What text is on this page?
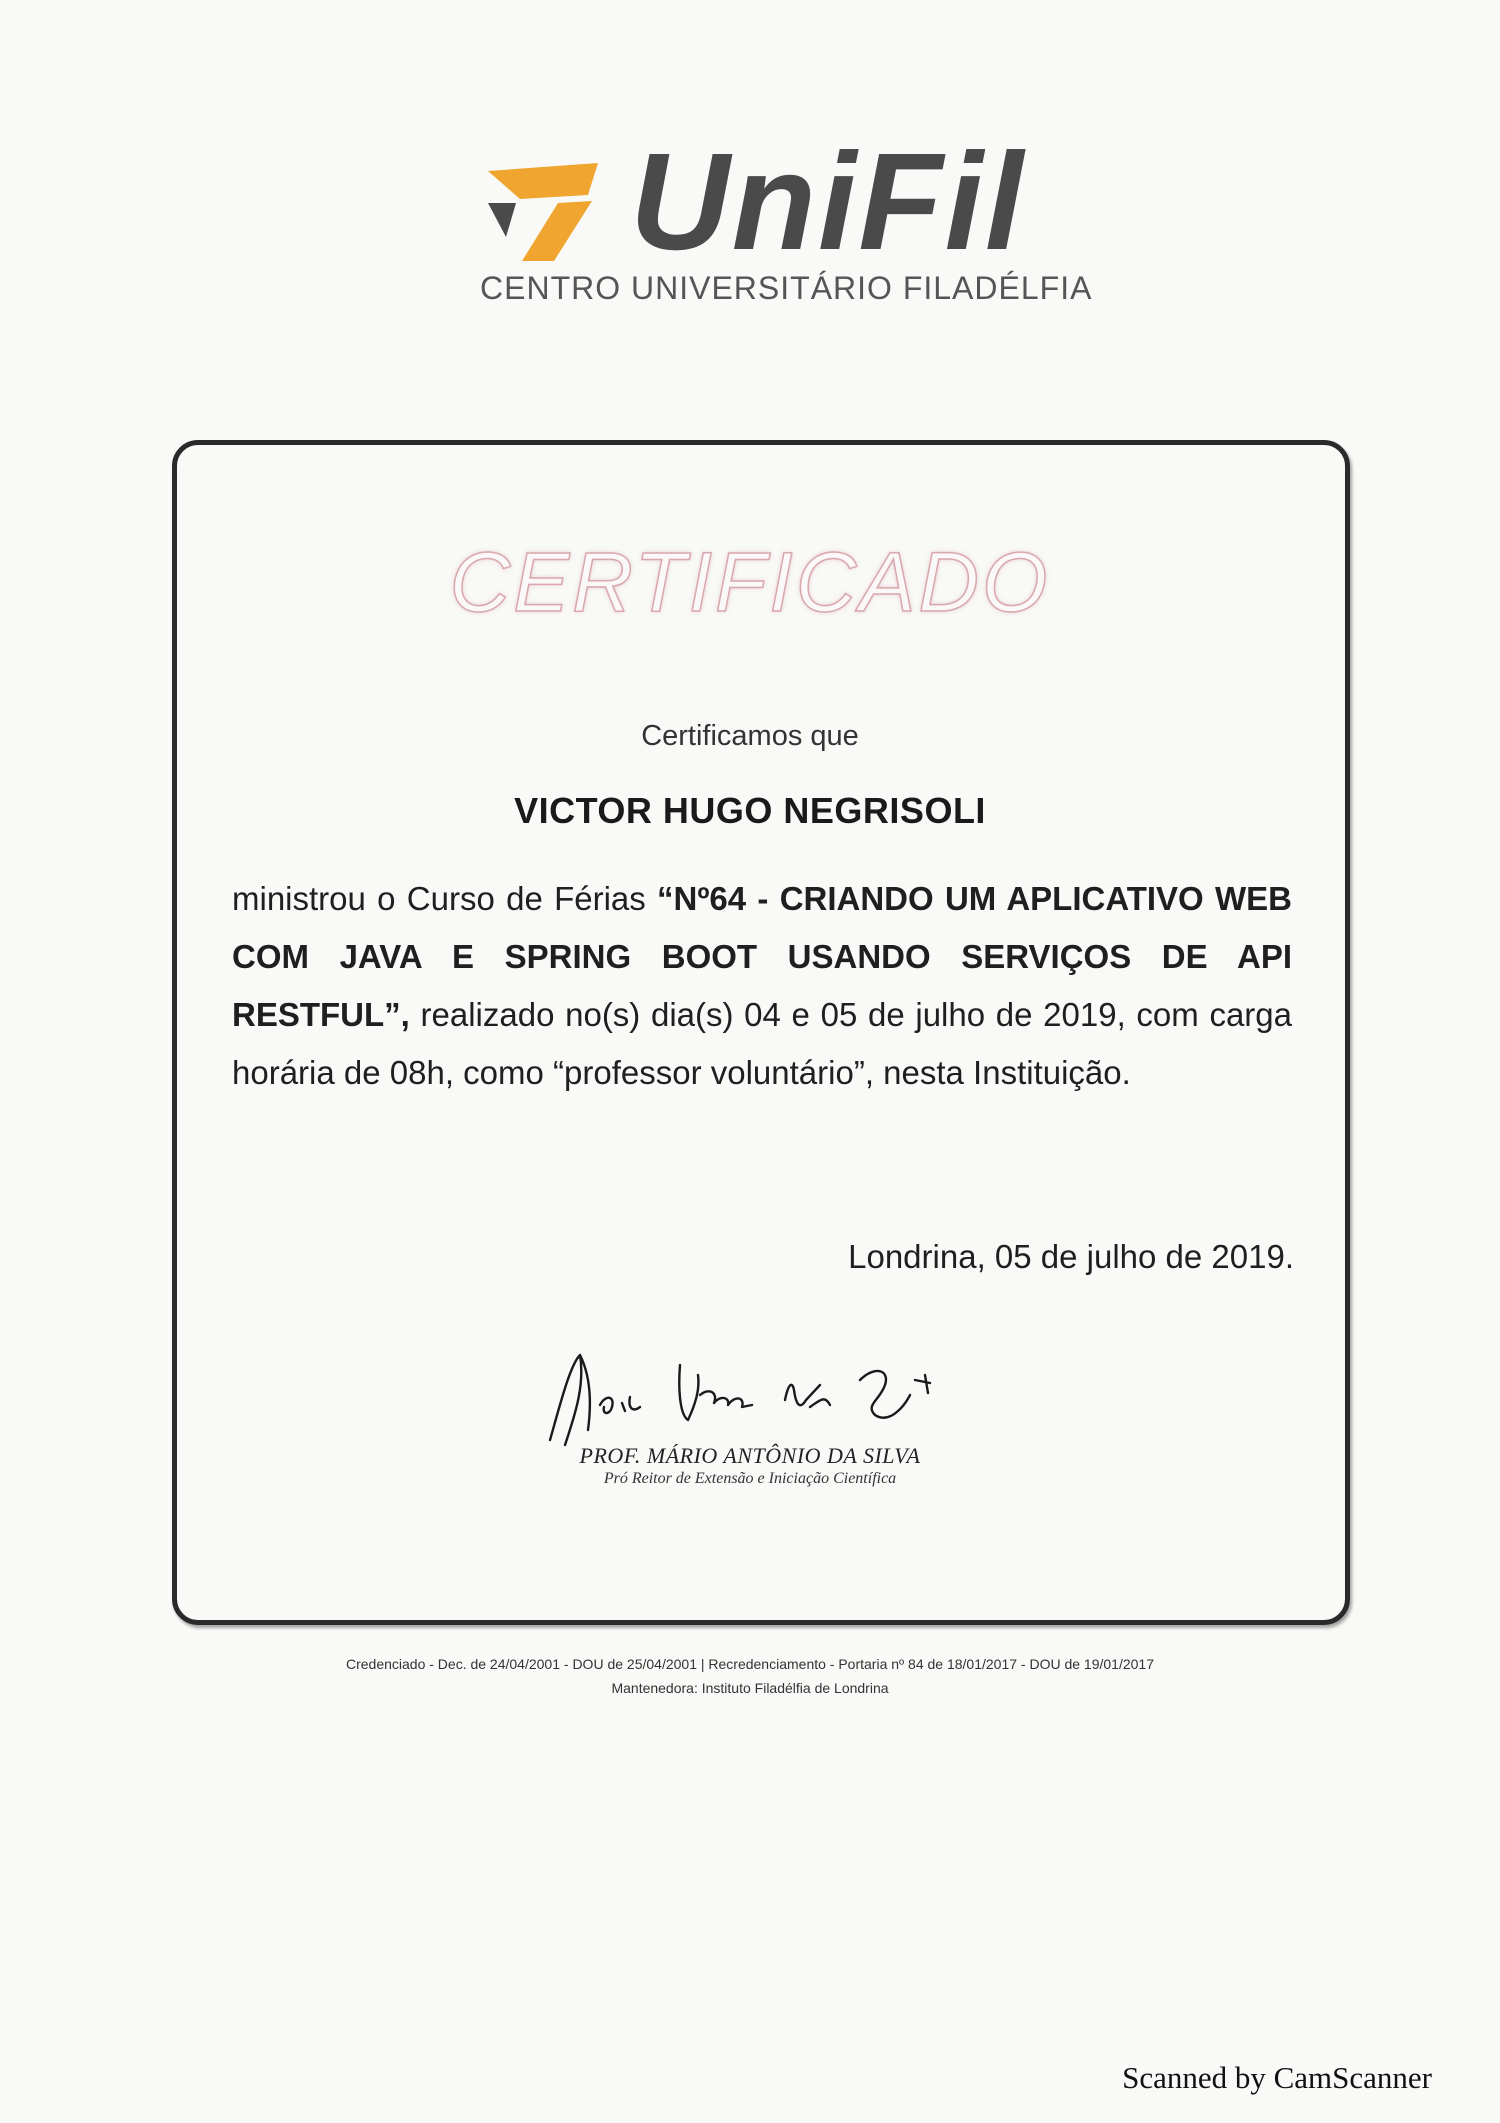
UniFil
CENTRO UNIVERSITÁRIO FILADÉLFIA
CERTIFICADO
Certificamos que
VICTOR HUGO NEGRISOLI
ministrou o Curso de Férias “Nº64 - CRIANDO UM APLICATIVO WEB COM JAVA E SPRING BOOT USANDO SERVIÇOS DE API RESTFUL”, realizado no(s) dia(s) 04 e 05 de julho de 2019, com carga horária de 08h, como “professor voluntário”, nesta Instituição.
Londrina, 05 de julho de 2019.
PROF. MÁRIO ANTÔNIO DA SILVA
Pró Reitor de Extensão e Iniciação Científica
Credenciado - Dec. de 24/04/2001 - DOU de 25/04/2001 | Recredenciamento - Portaria nº 84 de 18/01/2017 - DOU de 19/01/2017
Mantenedora: Instituto Filadélfia de Londrina
Scanned by CamScanner
